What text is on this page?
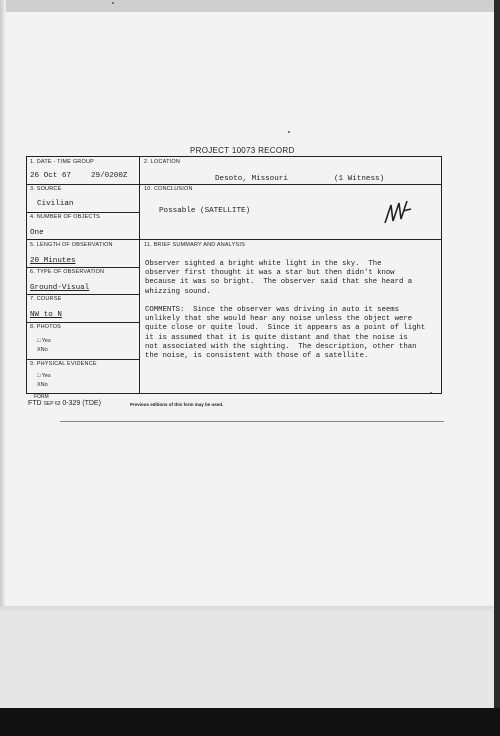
PROJECT 10073 RECORD
1. DATE - TIME GROUP
26 Oct 67	29/0200Z
2. LOCATION
Desoto, Missouri	(1 Witness)
3. SOURCE
Civilian
10. CONCLUSION
Possable (SATELLITE)
4. NUMBER OF OBJECTS
One
11. BRIEF SUMMARY AND ANALYSIS
Observer sighted a bright white light in the sky.  The
observer first thought it was a star but then didn't know
because it was so bright.  The observer said that she heard a
whizzing sound.

COMMENTS:  Since the observer was driving in auto it seems
unlikely that she would hear any noise unless the object were
quite close or quite loud.  Since it appears as a point of light
it is assumed that it is quite distant and that the noise is
not associated with the sighting.  The description, other than
the noise, is consistent with those of a satellite.
5. LENGTH OF OBSERVATION
20 Minutes
6. TYPE OF OBSERVATION
Ground-Visual
7. COURSE
NW to N
8. PHOTOS
□ Yes
XNo
9. PHYSICAL EVIDENCE
□ Yes
XNo
FORM
FTD SEP 63 0-329 (TDE)	Previous editions of this form may be used.
